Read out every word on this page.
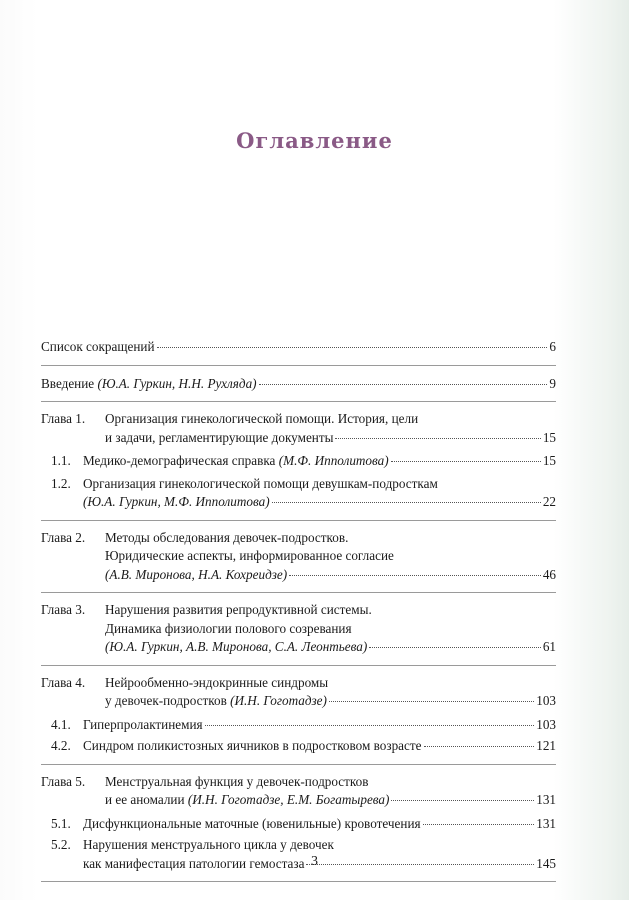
Оглавление
Список сокращений	6
Введение (Ю.А. Гуркин, Н.Н. Рухляда)	9
Глава 1.	Организация гинекологической помощи. История, цели
и задачи, регламентирующие документы	15
1.1. Медико-демографическая справка (М.Ф. Ипполитова)	15
1.2. Организация гинекологической помощи девушкам-подросткам
(Ю.А. Гуркин, М.Ф. Ипполитова)	22
Глава 2.	Методы обследования девочек-подростков.
Юридические аспекты, информированное согласие
(А.В. Миронова, Н.А. Кохреидзе)	46
Глава 3.	Нарушения развития репродуктивной системы.
Динамика физиологии полового созревания
(Ю.А. Гуркин, А.В. Миронова, С.А. Леонтьева)	61
Глава 4.	Нейрообменно-эндокринные синдромы
у девочек-подростков (И.Н. Гоготадзе)	103
4.1. Гиперпролактинемия	103
4.2. Синдром поликистозных яичников в подростковом возрасте	121
Глава 5.	Менструальная функция у девочек-подростков
и ее аномалии (И.Н. Гоготадзе, Е.М. Богатырева)	131
5.1. Дисфункциональные маточные (ювенильные) кровотечения	131
5.2. Нарушения менструального цикла у девочек
как манифестация патологии гемостаза	145
3
